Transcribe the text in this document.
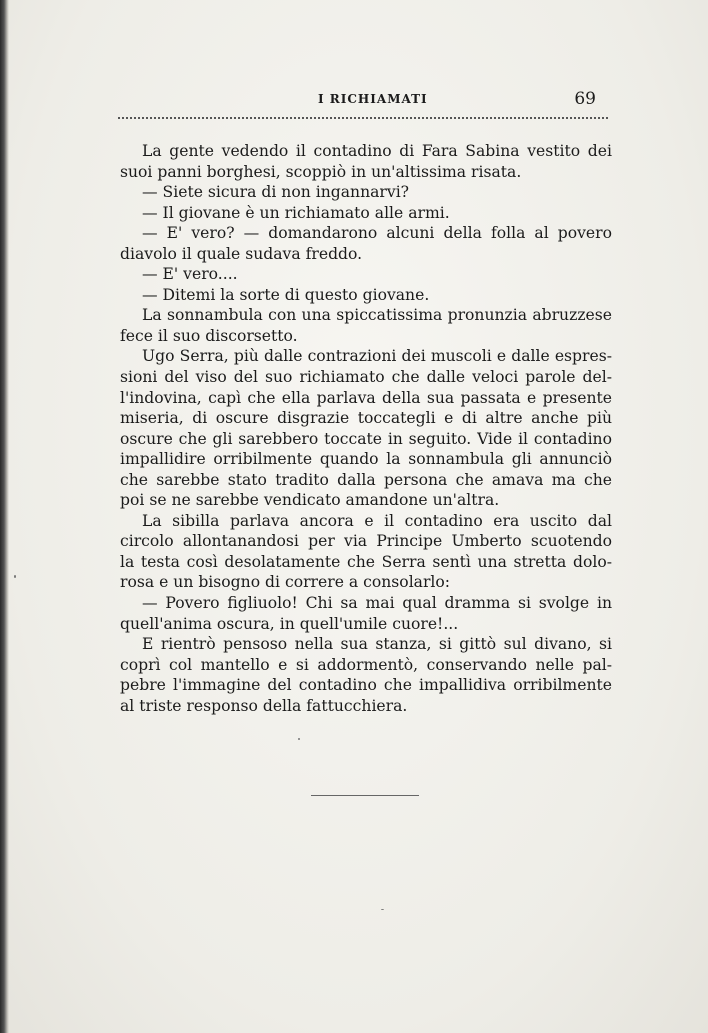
I RICHIAMATI	69
La gente vedendo il contadino di Fara Sabina vestito dei
suoi panni borghesi, scoppiò in un'altissima risata.
— Siete sicura di non ingannarvi?
— Il giovane è un richiamato alle armi.
— E' vero? — domandarono alcuni della folla al povero
diavolo il quale sudava freddo.
— E' vero....
— Ditemi la sorte di questo giovane.
La sonnambula con una spiccatissima pronunzia abruzzese
fece il suo discorsetto.
Ugo Serra, più dalle contrazioni dei muscoli e dalle espres-
sioni del viso del suo richiamato che dalle veloci parole del-
l'indovina, capì che ella parlava della sua passata e presente
miseria, di oscure disgrazie toccategli e di altre anche più
oscure che gli sarebbero toccate in seguito. Vide il contadino
impallidire orribilmente quando la sonnambula gli annunciò
che sarebbe stato tradito dalla persona che amava ma che
poi se ne sarebbe vendicato amandone un'altra.
La sibilla parlava ancora e il contadino era uscito dal
circolo allontanandosi per via Principe Umberto scuotendo
la testa così desolatamente che Serra sentì una stretta dolo-
rosa e un bisogno di correre a consolarlo:
— Povero figliuolo! Chi sa mai qual dramma si svolge in
quell'anima oscura, in quell'umile cuore!...
E rientrò pensoso nella sua stanza, si gittò sul divano, si
coprì col mantello e si addormentò, conservando nelle pal-
pebre l'immagine del contadino che impallidiva orribilmente
al triste responso della fattucchiera.
